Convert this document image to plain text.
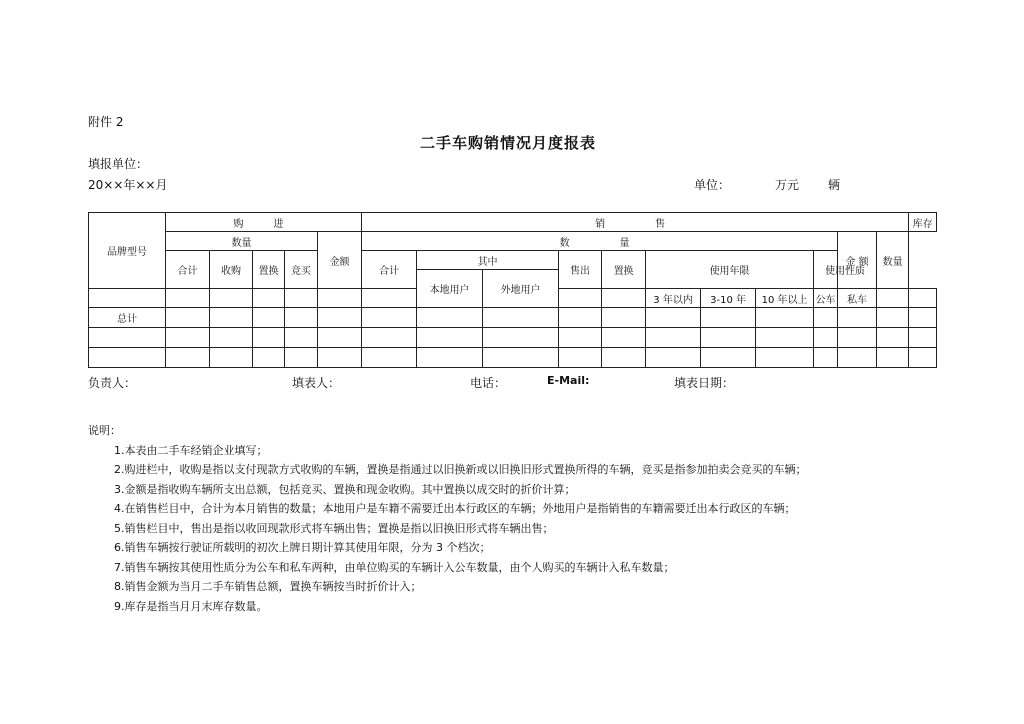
附件 2
二手车购销情况月度报表
填报单位：
20××年××月	单位：	万元 辆
品牌型号	购　进					销　　售											库存
	数量				金额	数　　量									金 额	数量	
	合计	收购	置换	竞买		合计	其中		售出	置换	使用年限			使用性质			
							本地用户	外地用户									
											3 年以内	3-10 年	10 年以上	公车	私车		
总计																	

负责人：	填表人：	电话：	E-Mail:	填表日期：
说明：
1.本表由二手车经销企业填写；
2.购进栏中，收购是指以支付现款方式收购的车辆，置换是指通过以旧换新或以旧换旧形式置换所得的车辆，竞买是指参加拍卖会竞买的车辆；
3.金额是指收购车辆所支出总额，包括竞买、置换和现金收购。其中置换以成交时的折价计算；
4.在销售栏目中，合计为本月销售的数量；本地用户是车籍不需要迁出本行政区的车辆；外地用户是指销售的车籍需要迁出本行政区的车辆；
5.销售栏目中，售出是指以收回现款形式将车辆出售；置换是指以旧换旧形式将车辆出售；
6.销售车辆按行驶证所载明的初次上牌日期计算其使用年限，分为 3 个档次；
7.销售车辆按其使用性质分为公车和私车两种，由单位购买的车辆计入公车数量，由个人购买的车辆计入私车数量；
8.销售金额为当月二手车销售总额，置换车辆按当时折价计入；
9.库存是指当月月末库存数量。
